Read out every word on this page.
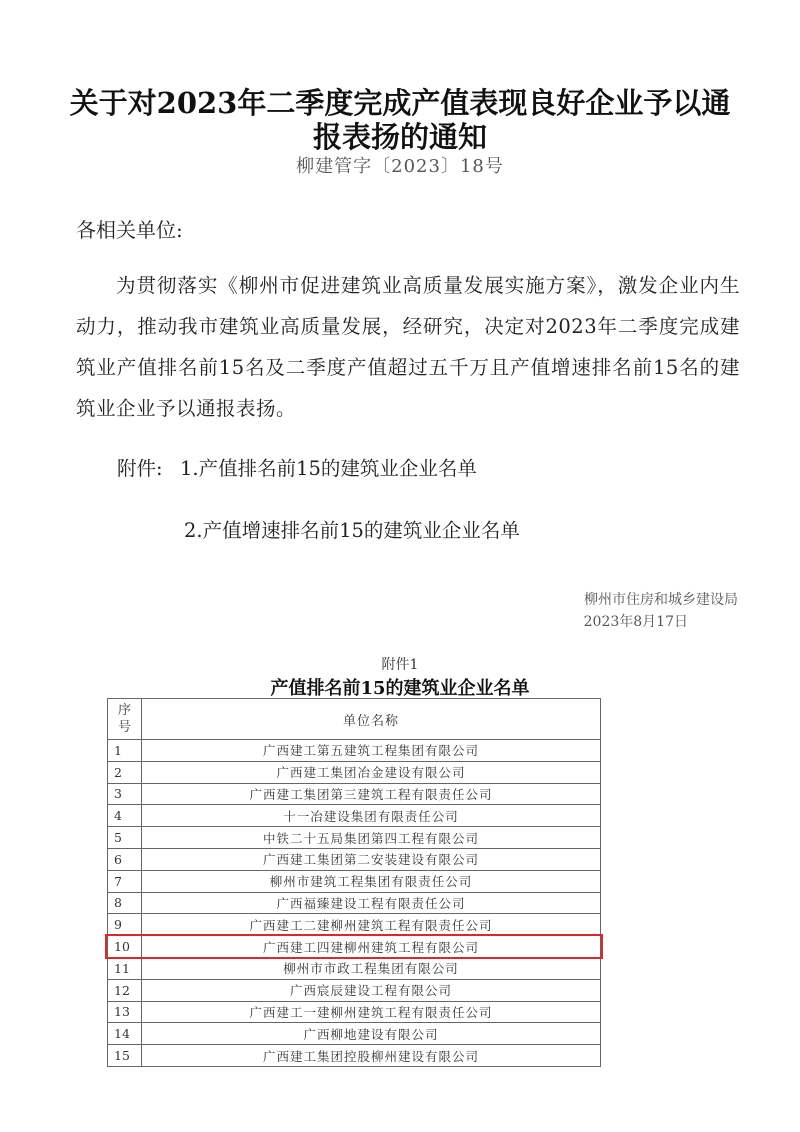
关于对2023年二季度完成产值表现良好企业予以通报表扬的通知
柳建管字〔2023〕18号
各相关单位:
为贯彻落实《柳州市促进建筑业高质量发展实施方案》，激发企业内生动力，推动我市建筑业高质量发展，经研究，决定对2023年二季度完成建筑业产值排名前15名及二季度产值超过五千万且产值增速排名前15名的建筑业企业予以通报表扬。
附件: 1.产值排名前15的建筑业企业名单
2.产值增速排名前15的建筑业企业名单
柳州市住房和城乡建设局
2023年8月17日
附件1
产值排名前15的建筑业企业名单
序号	单位名称
1	广西建工第五建筑工程集团有限公司
2	广西建工集团冶金建设有限公司
3	广西建工集团第三建筑工程有限责任公司
4	十一冶建设集团有限责任公司
5	中铁二十五局集团第四工程有限公司
6	广西建工集团第二安装建设有限公司
7	柳州市建筑工程集团有限责任公司
8	广西福臻建设工程有限责任公司
9	广西建工二建柳州建筑工程有限责任公司
10	广西建工四建柳州建筑工程有限公司
11	柳州市市政工程集团有限公司
12	广西宸辰建设工程有限公司
13	广西建工一建柳州建筑工程有限责任公司
14	广西柳地建设有限公司
15	广西建工集团控股柳州建设有限公司
